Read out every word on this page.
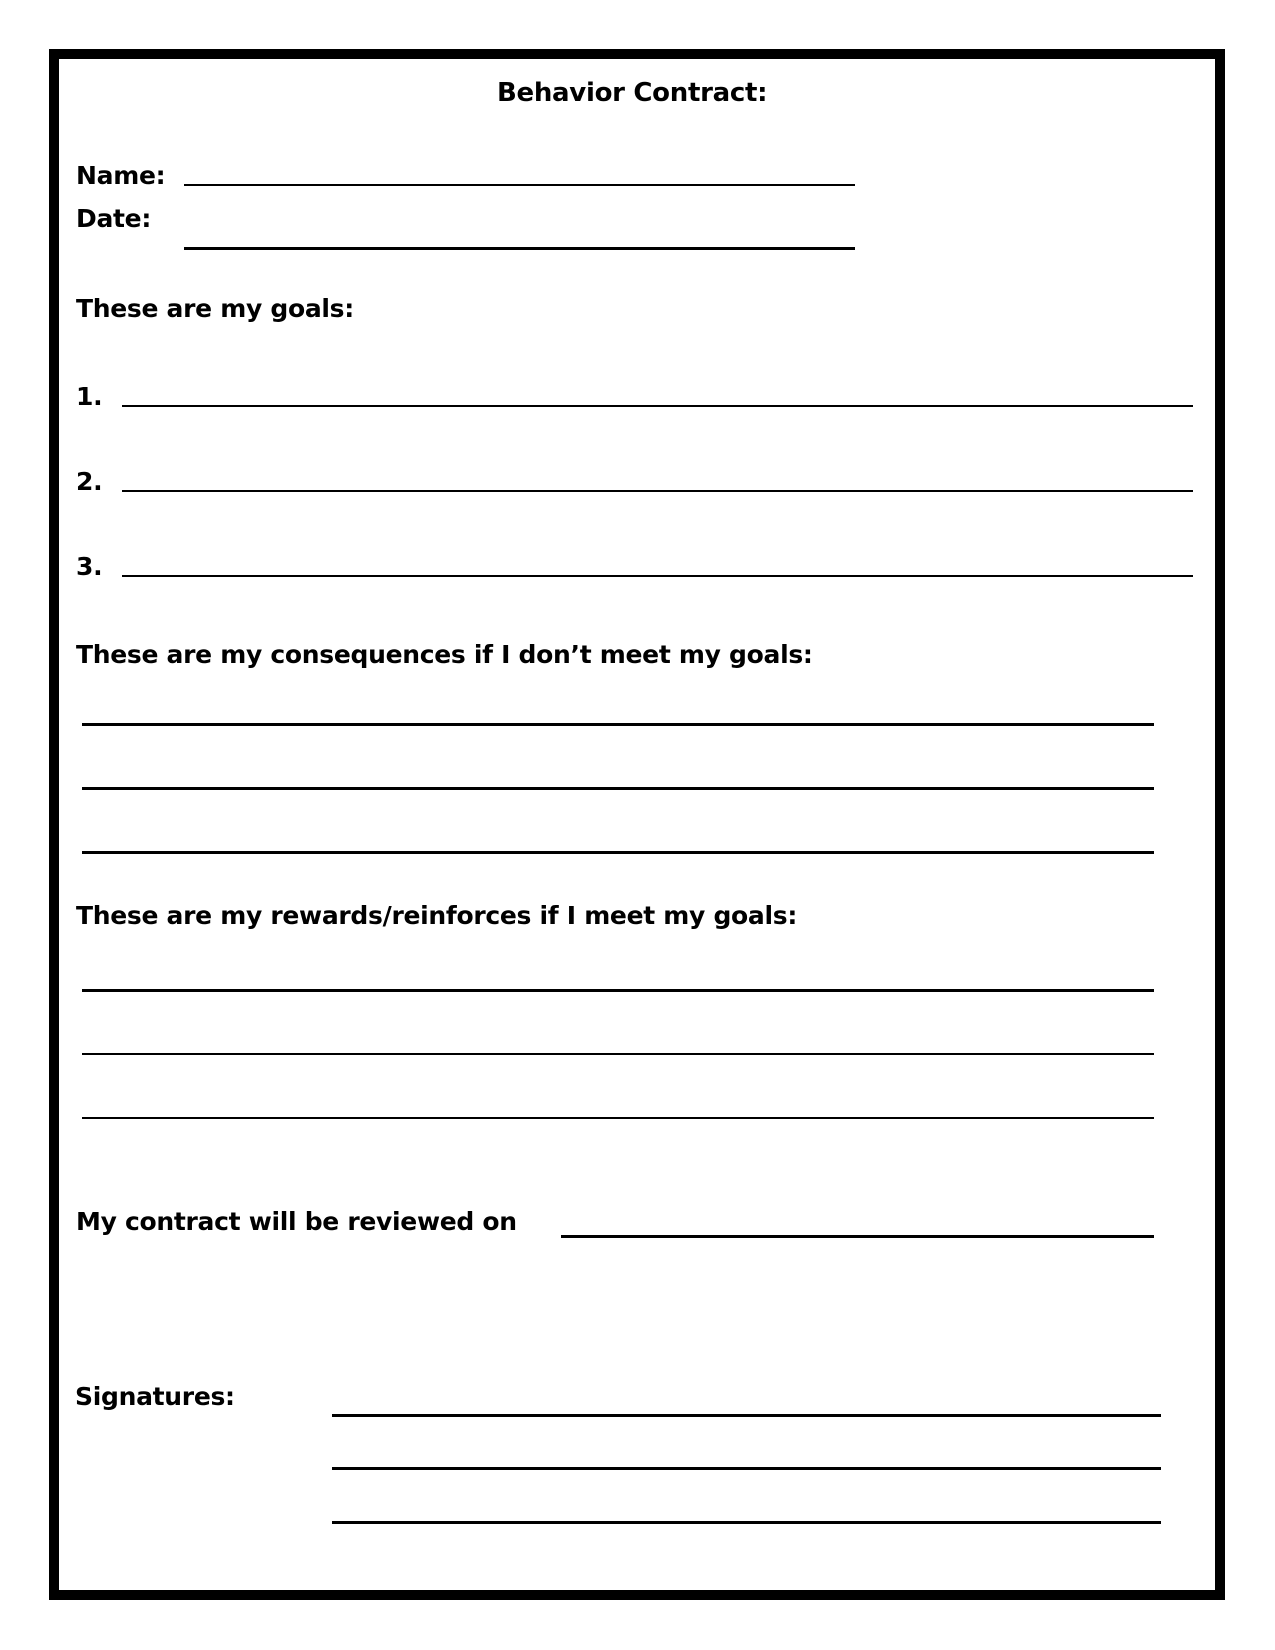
Behavior Contract:
Name:
Date:
These are my goals:
1.
2.
3.
These are my consequences if I don’t meet my goals:
These are my rewards/reinforces if I meet my goals:
My contract will be reviewed on
Signatures:
